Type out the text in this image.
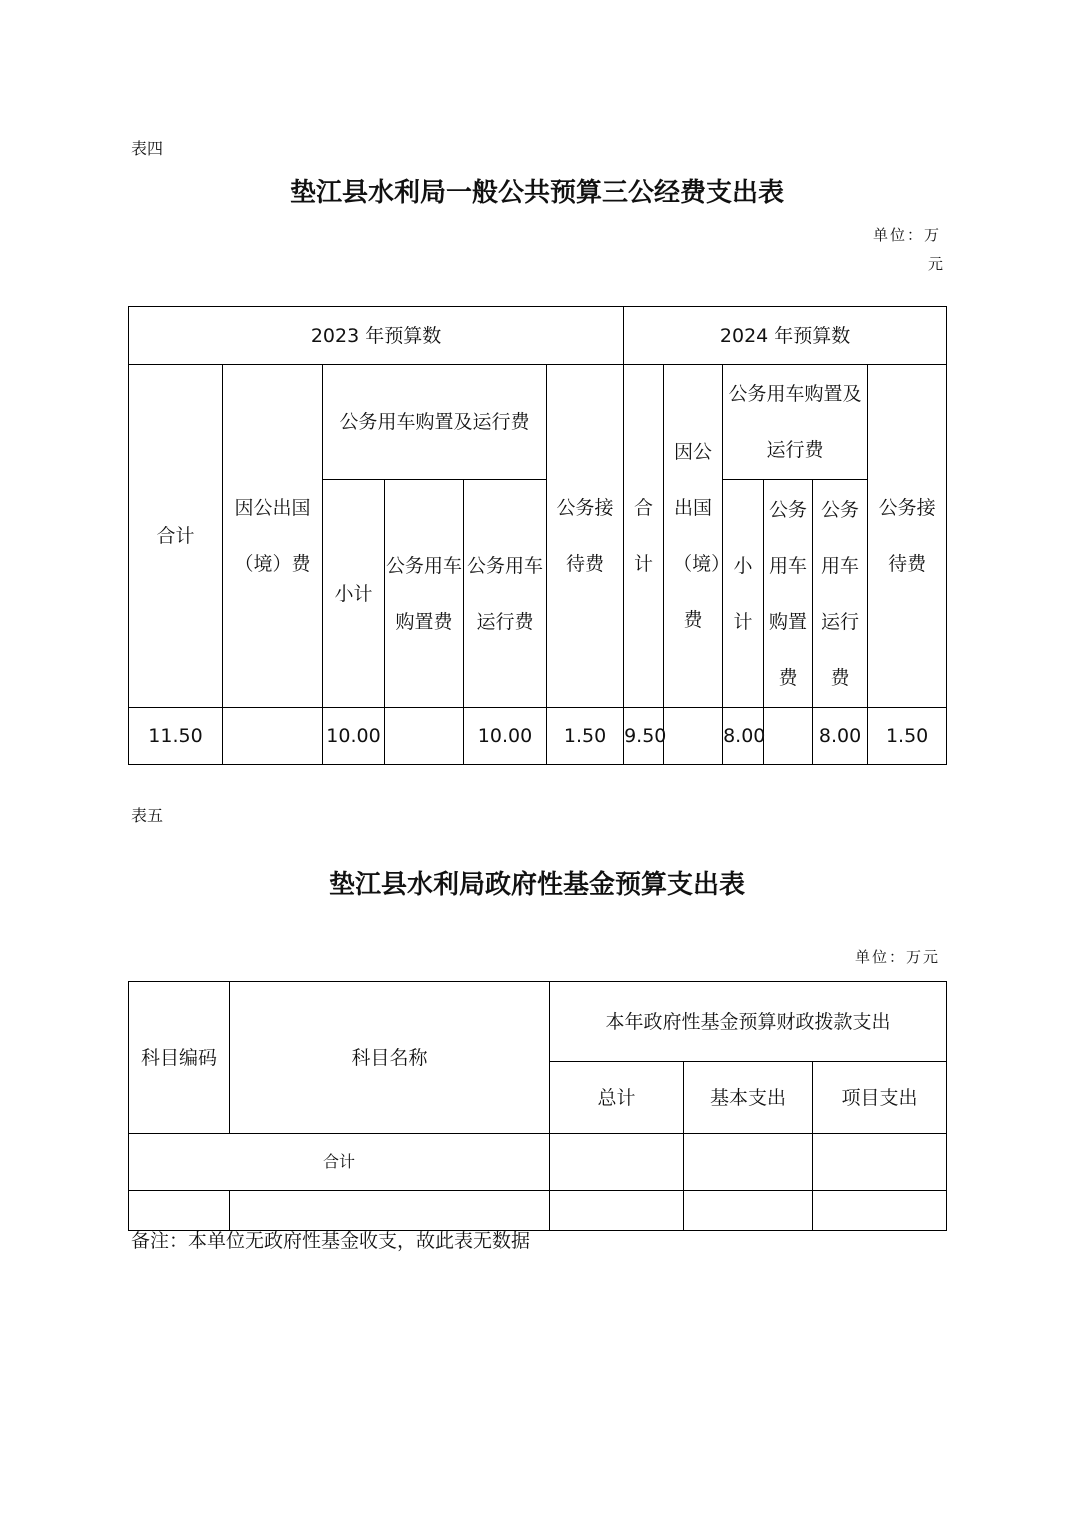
表四
垫江县水利局一般公共预算三公经费支出表
单位：万
元
2023 年预算数						2024 年预算数					
合计	因公出国（境）费	公务用车购置及运行费			公务接待费	合计	因公出国（境）费	公务用车购置及运行费			公务接待费
		小计	公务用车购置费	公务用车运行费				小计	公务用车购置费	公务用车运行费	
11.50		10.00		10.00	1.50	9.50		8.00		8.00	1.50
表五
垫江县水利局政府性基金预算支出表
单位：万元
科目编码	科目名称	本年政府性基金预算财政拨款支出		
		总计	基本支出	项目支出
合计				

备注：本单位无政府性基金收支，故此表无数据
